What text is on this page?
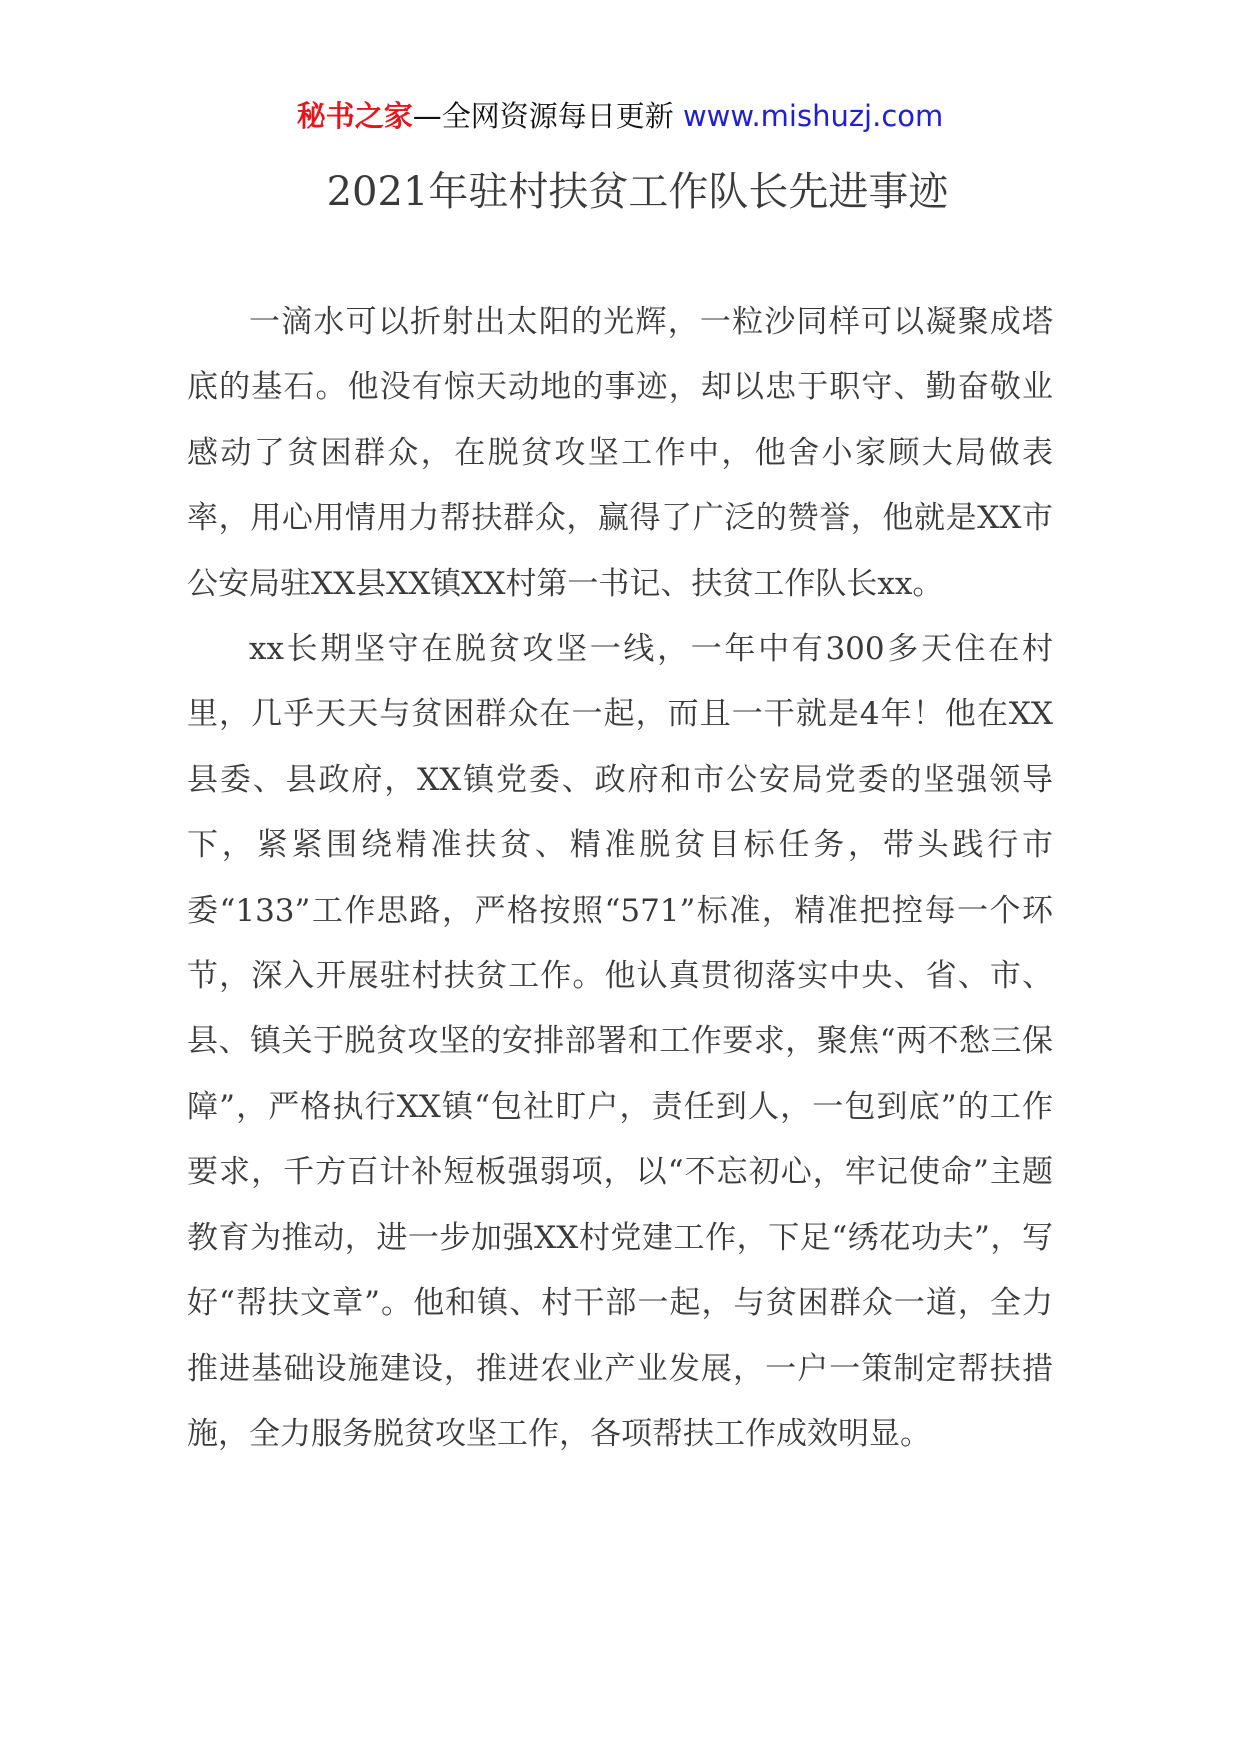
秘书之家—全网资源每日更新 www.mishuzj.com
2021年驻村扶贫工作队长先进事迹

一滴水可以折射出太阳的光辉，一粒沙同样可以凝聚成塔底的基石。他没有惊天动地的事迹，却以忠于职守、勤奋敬业感动了贫困群众，在脱贫攻坚工作中，他舍小家顾大局做表率，用心用情用力帮扶群众，赢得了广泛的赞誉，他就是XX市公安局驻XX县XX镇XX村第一书记、扶贫工作队长xx。

xx长期坚守在脱贫攻坚一线，一年中有300多天住在村里，几乎天天与贫困群众在一起，而且一干就是4年！他在XX县委、县政府，XX镇党委、政府和市公安局党委的坚强领导下，紧紧围绕精准扶贫、精准脱贫目标任务，带头践行市委“133”工作思路，严格按照“571”标准，精准把控每一个环节，深入开展驻村扶贫工作。他认真贯彻落实中央、省、市、县、镇关于脱贫攻坚的安排部署和工作要求，聚焦“两不愁三保障”，严格执行XX镇“包社盯户，责任到人，一包到底”的工作要求，千方百计补短板强弱项，以“不忘初心，牢记使命”主题教育为推动，进一步加强XX村党建工作，下足“绣花功夫”，写好“帮扶文章”。他和镇、村干部一起，与贫困群众一道，全力推进基础设施建设，推进农业产业发展，一户一策制定帮扶措施，全力服务脱贫攻坚工作，各项帮扶工作成效明显。
